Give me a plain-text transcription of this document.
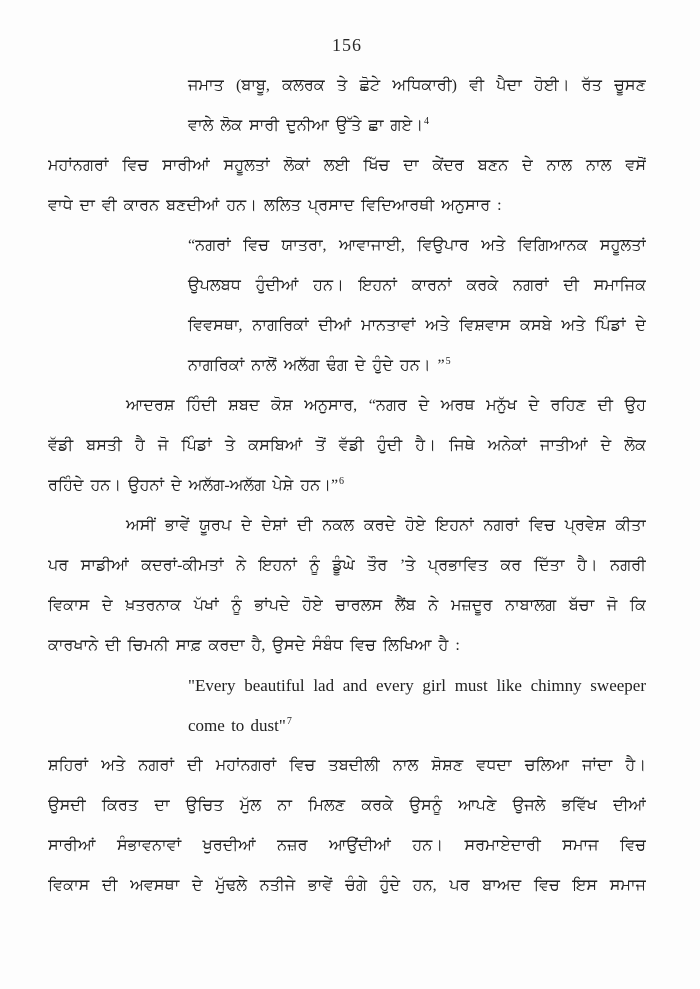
156
ਜਮਾਤ (ਬਾਬੂ, ਕਲਰਕ ਤੇ ਛੋਟੇ ਅਧਿਕਾਰੀ) ਵੀ ਪੈਦਾ ਹੋਈ। ਰੱਤ ਚੂਸਣ
ਵਾਲੇ ਲੋਕ ਸਾਰੀ ਦੁਨੀਆ ਉੱਤੇ ਛਾ ਗਏ।$^4$
ਮਹਾਂਨਗਰਾਂ ਵਿਚ ਸਾਰੀਆਂ ਸਹੂਲਤਾਂ ਲੋਕਾਂ ਲਈ ਖਿੱਚ ਦਾ ਕੇਂਦਰ ਬਣਨ ਦੇ ਨਾਲ ਨਾਲ ਵਸੋਂ
ਵਾਧੇ ਦਾ ਵੀ ਕਾਰਨ ਬਣਦੀਆਂ ਹਨ। ਲਲਿਤ ਪ੍ਰਸਾਦ ਵਿਦਿਆਰਥੀ ਅਨੁਸਾਰ :
“ਨਗਰਾਂ ਵਿਚ ਯਾਤਰਾ, ਆਵਾਜਾਈ, ਵਿਉਪਾਰ ਅਤੇ ਵਿਗਿਆਨਕ ਸਹੂਲਤਾਂ
ਉਪਲਬਧ ਹੁੰਦੀਆਂ ਹਨ। ਇਹਨਾਂ ਕਾਰਨਾਂ ਕਰਕੇ ਨਗਰਾਂ ਦੀ ਸਮਾਜਿਕ
ਵਿਵਸਥਾ, ਨਾਗਰਿਕਾਂ ਦੀਆਂ ਮਾਨਤਾਵਾਂ ਅਤੇ ਵਿਸ਼ਵਾਸ ਕਸਬੇ ਅਤੇ ਪਿੰਡਾਂ ਦੇ
ਨਾਗਰਿਕਾਂ ਨਾਲੋਂ ਅਲੱਗ ਢੰਗ ਦੇ ਹੁੰਦੇ ਹਨ। ”$^5$
ਆਦਰਸ਼ ਹਿੰਦੀ ਸ਼ਬਦ ਕੋਸ਼ ਅਨੁਸਾਰ, “ਨਗਰ ਦੇ ਅਰਥ ਮਨੁੱਖ ਦੇ ਰਹਿਣ ਦੀ ਉਹ
ਵੱਡੀ ਬਸਤੀ ਹੈ ਜੋ ਪਿੰਡਾਂ ਤੇ ਕਸਬਿਆਂ ਤੋਂ ਵੱਡੀ ਹੁੰਦੀ ਹੈ। ਜਿਥੇ ਅਨੇਕਾਂ ਜਾਤੀਆਂ ਦੇ ਲੋਕ
ਰਹਿੰਦੇ ਹਨ। ਉਹਨਾਂ ਦੇ ਅਲੱਗ-ਅਲੱਗ ਪੇਸ਼ੇ ਹਨ।”$^6$
ਅਸੀਂ ਭਾਵੇਂ ਯੂਰਪ ਦੇ ਦੇਸ਼ਾਂ ਦੀ ਨਕਲ ਕਰਦੇ ਹੋਏ ਇਹਨਾਂ ਨਗਰਾਂ ਵਿਚ ਪ੍ਰਵੇਸ਼ ਕੀਤਾ
ਪਰ ਸਾਡੀਆਂ ਕਦਰਾਂ-ਕੀਮਤਾਂ ਨੇ ਇਹਨਾਂ ਨੂੰ ਡੂੰਘੇ ਤੌਰ ’ਤੇ ਪ੍ਰਭਾਵਿਤ ਕਰ ਦਿੱਤਾ ਹੈ। ਨਗਰੀ
ਵਿਕਾਸ ਦੇ ਖ਼ਤਰਨਾਕ ਪੱਖਾਂ ਨੂੰ ਭਾਂਪਦੇ ਹੋਏ ਚਾਰਲਸ ਲੈਂਬ ਨੇ ਮਜ਼ਦੂਰ ਨਾਬਾਲਗ ਬੱਚਾ ਜੋ ਕਿ
ਕਾਰਖਾਨੇ ਦੀ ਚਿਮਨੀ ਸਾਫ਼ ਕਰਦਾ ਹੈ, ਉਸਦੇ ਸੰਬੰਧ ਵਿਚ ਲਿਖਿਆ ਹੈ :
"Every beautiful lad and every girl must like chimny sweeper
come to dust"$^7$
ਸ਼ਹਿਰਾਂ ਅਤੇ ਨਗਰਾਂ ਦੀ ਮਹਾਂਨਗਰਾਂ ਵਿਚ ਤਬਦੀਲੀ ਨਾਲ ਸ਼ੋਸ਼ਣ ਵਧਦਾ ਚਲਿਆ ਜਾਂਦਾ ਹੈ।
ਉਸਦੀ ਕਿਰਤ ਦਾ ਉਚਿਤ ਮੁੱਲ ਨਾ ਮਿਲਣ ਕਰਕੇ ਉਸਨੂੰ ਆਪਣੇ ਉਜਲੇ ਭਵਿੱਖ ਦੀਆਂ
ਸਾਰੀਆਂ ਸੰਭਾਵਨਾਵਾਂ ਖੁਰਦੀਆਂ ਨਜ਼ਰ ਆਉਂਦੀਆਂ ਹਨ। ਸਰਮਾਏਦਾਰੀ ਸਮਾਜ ਵਿਚ
ਵਿਕਾਸ ਦੀ ਅਵਸਥਾ ਦੇ ਮੁੱਢਲੇ ਨਤੀਜੇ ਭਾਵੇਂ ਚੰਗੇ ਹੁੰਦੇ ਹਨ, ਪਰ ਬਾਅਦ ਵਿਚ ਇਸ ਸਮਾਜ
